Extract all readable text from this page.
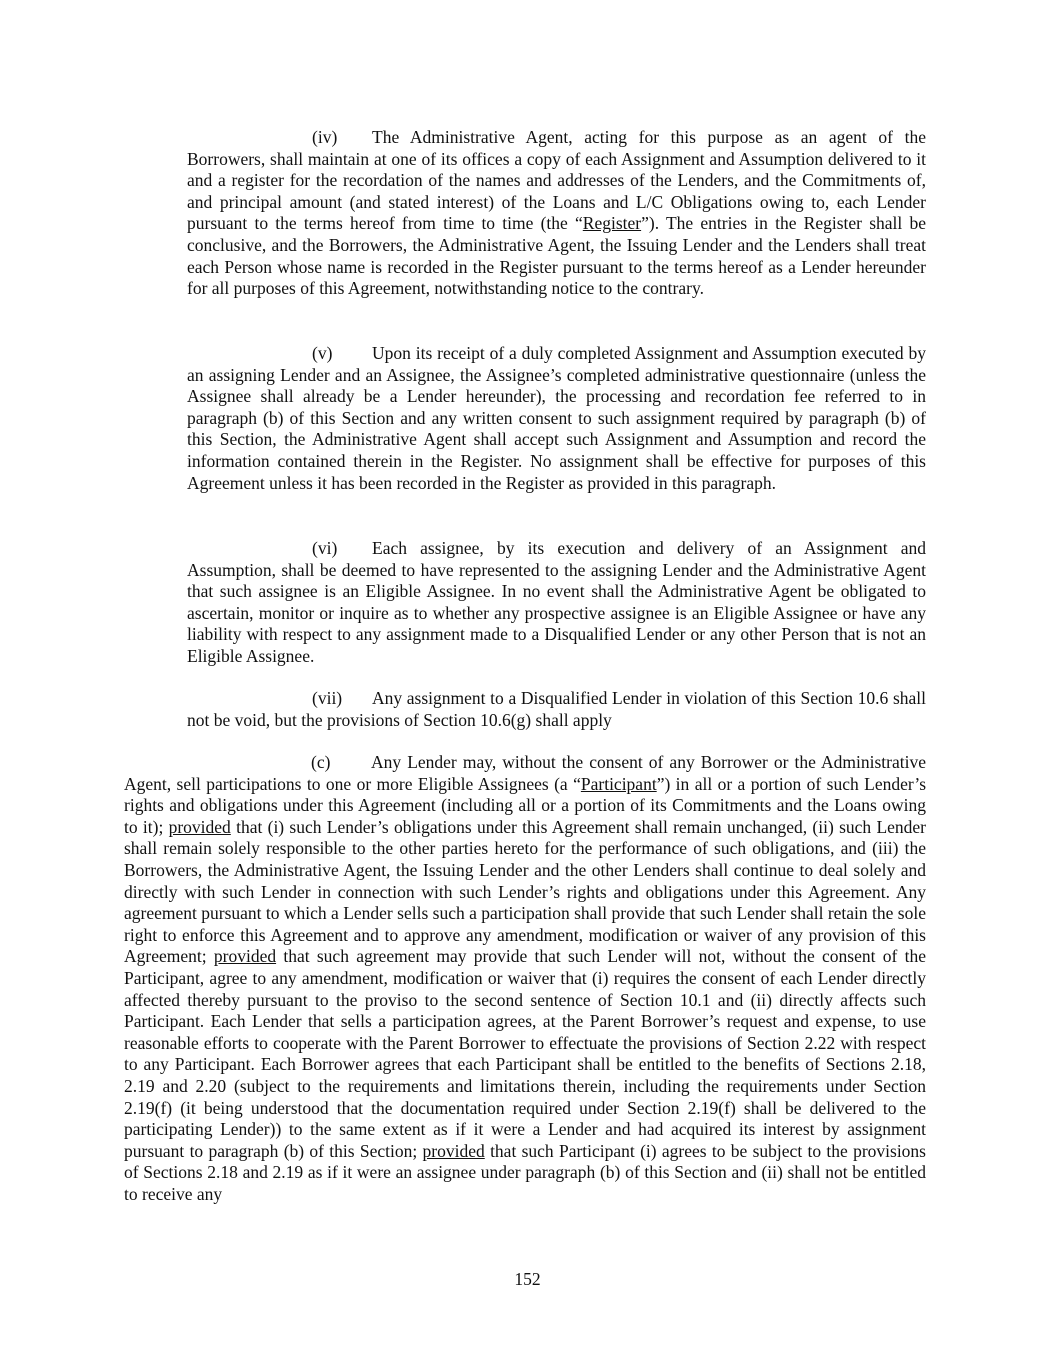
(iv) The Administrative Agent, acting for this purpose as an agent of the Borrowers, shall maintain at one of its offices a copy of each Assignment and Assumption delivered to it and a register for the recordation of the names and addresses of the Lenders, and the Commitments of, and principal amount (and stated interest) of the Loans and L/C Obligations owing to, each Lender pursuant to the terms hereof from time to time (the “Register”). The entries in the Register shall be conclusive, and the Borrowers, the Administrative Agent, the Issuing Lender and the Lenders shall treat each Person whose name is recorded in the Register pursuant to the terms hereof as a Lender hereunder for all purposes of this Agreement, notwithstanding notice to the contrary.

(v) Upon its receipt of a duly completed Assignment and Assumption executed by an assigning Lender and an Assignee, the Assignee’s completed administrative questionnaire (unless the Assignee shall already be a Lender hereunder), the processing and recordation fee referred to in paragraph (b) of this Section and any written consent to such assignment required by paragraph (b) of this Section, the Administrative Agent shall accept such Assignment and Assumption and record the information contained therein in the Register. No assignment shall be effective for purposes of this Agreement unless it has been recorded in the Register as provided in this paragraph.

(vi) Each assignee, by its execution and delivery of an Assignment and Assumption, shall be deemed to have represented to the assigning Lender and the Administrative Agent that such assignee is an Eligible Assignee. In no event shall the Administrative Agent be obligated to ascertain, monitor or inquire as to whether any prospective assignee is an Eligible Assignee or have any liability with respect to any assignment made to a Disqualified Lender or any other Person that is not an Eligible Assignee.

(vii) Any assignment to a Disqualified Lender in violation of this Section 10.6 shall not be void, but the provisions of Section 10.6(g) shall apply

(c) Any Lender may, without the consent of any Borrower or the Administrative Agent, sell participations to one or more Eligible Assignees (a “Participant”) in all or a portion of such Lender’s rights and obligations under this Agreement (including all or a portion of its Commitments and the Loans owing to it); provided that (i) such Lender’s obligations under this Agreement shall remain unchanged, (ii) such Lender shall remain solely responsible to the other parties hereto for the performance of such obligations, and (iii) the Borrowers, the Administrative Agent, the Issuing Lender and the other Lenders shall continue to deal solely and directly with such Lender in connection with such Lender’s rights and obligations under this Agreement. Any agreement pursuant to which a Lender sells such a participation shall provide that such Lender shall retain the sole right to enforce this Agreement and to approve any amendment, modification or waiver of any provision of this Agreement; provided that such agreement may provide that such Lender will not, without the consent of the Participant, agree to any amendment, modification or waiver that (i) requires the consent of each Lender directly affected thereby pursuant to the proviso to the second sentence of Section 10.1 and (ii) directly affects such Participant. Each Lender that sells a participation agrees, at the Parent Borrower’s request and expense, to use reasonable efforts to cooperate with the Parent Borrower to effectuate the provisions of Section 2.22 with respect to any Participant. Each Borrower agrees that each Participant shall be entitled to the benefits of Sections 2.18, 2.19 and 2.20 (subject to the requirements and limitations therein, including the requirements under Section 2.19(f) (it being understood that the documentation required under Section 2.19(f) shall be delivered to the participating Lender)) to the same extent as if it were a Lender and had acquired its interest by assignment pursuant to paragraph (b) of this Section; provided that such Participant (i) agrees to be subject to the provisions of Sections 2.18 and 2.19 as if it were an assignee under paragraph (b) of this Section and (ii) shall not be entitled to receive any

152
